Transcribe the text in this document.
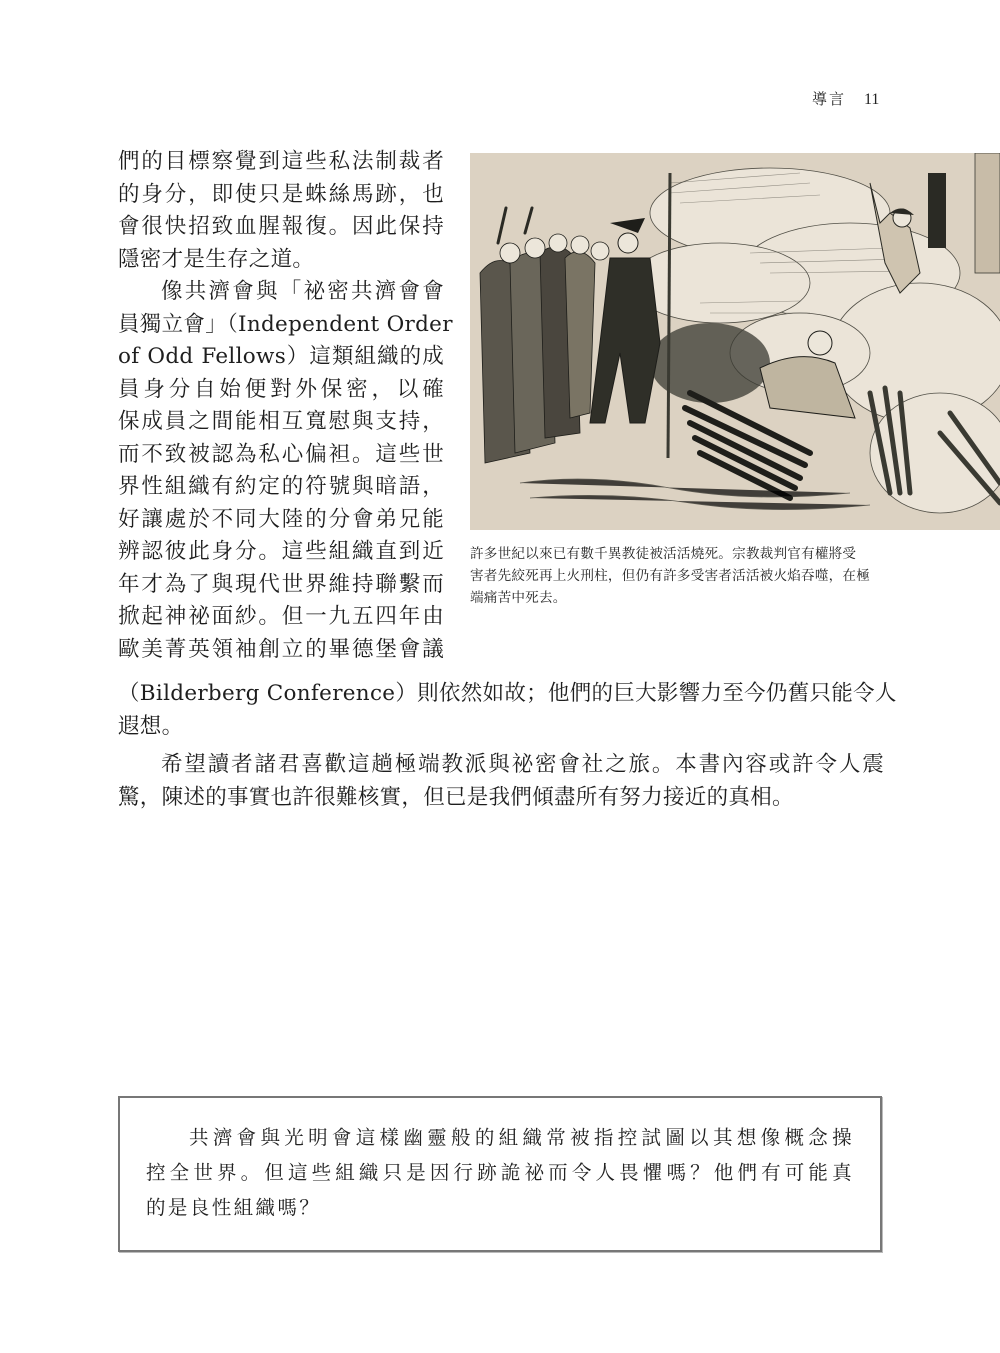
導言 11
們的目標察覺到這些私法制裁者
的身分，即使只是蛛絲馬跡，也
會很快招致血腥報復。因此保持
隱密才是生存之道。
像共濟會與「祕密共濟會會
員獨立會」（Independent Order
of Odd Fellows）這類組織的成
員身分自始便對外保密，以確
保成員之間能相互寬慰與支持，
而不致被認為私心偏袒。這些世
界性組織有約定的符號與暗語，
好讓處於不同大陸的分會弟兄能
辨認彼此身分。這些組織直到近
年才為了與現代世界維持聯繫而
掀起神祕面紗。但一九五四年由
歐美菁英領袖創立的畢德堡會議
許多世紀以來已有數千異教徒被活活燒死。宗教裁判官有權將受
害者先絞死再上火刑柱，但仍有許多受害者活活被火焰吞噬，在極
端痛苦中死去。
（Bilderberg Conference）則依然如故；他們的巨大影響力至今仍舊只能令人
遐想。
希望讀者諸君喜歡這趟極端教派與祕密會社之旅。本書內容或許令人震
驚，陳述的事實也許很難核實，但已是我們傾盡所有努力接近的真相。
共濟會與光明會這樣幽靈般的組織常被指控試圖以其想像概念操
控全世界。但這些組織只是因行跡詭祕而令人畏懼嗎？他們有可能真
的是良性組織嗎？
